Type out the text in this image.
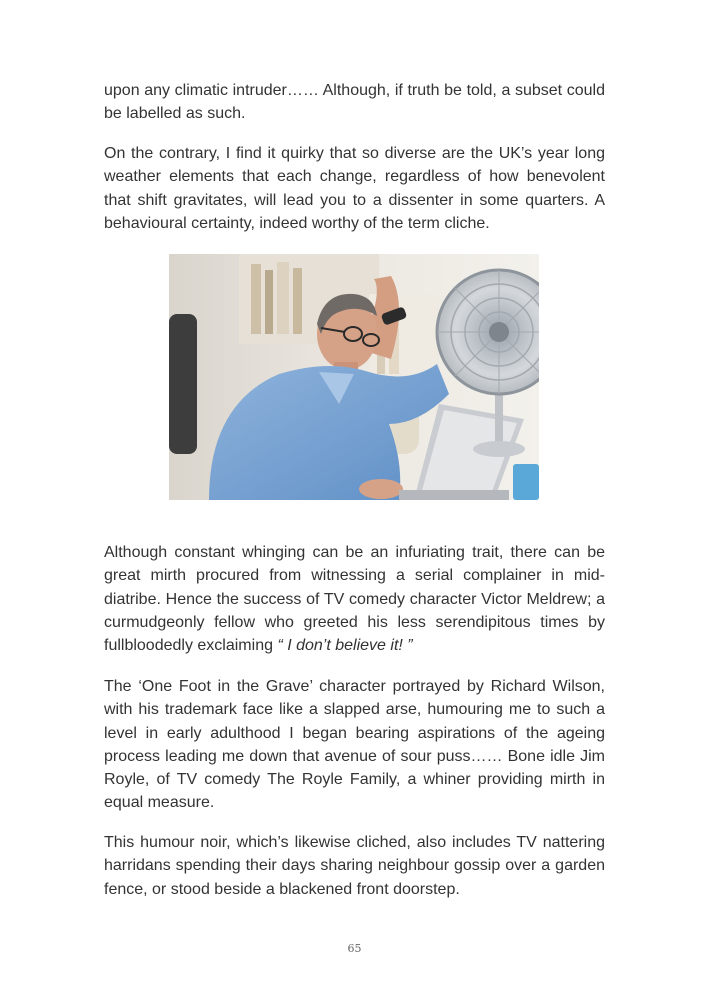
upon any climatic intruder…… Although, if truth be told, a subset could be labelled as such.

On the contrary, I find it quirky that so diverse are the UK’s year long weather elements that each change, regardless of how benevolent that shift gravitates, will lead you to a dissenter in some quarters. A behavioural certainty, indeed worthy of the term cliche.

Although constant whinging can be an infuriating trait, there can be great mirth procured from witnessing a serial complainer in mid-diatribe. Hence the success of TV comedy character Victor Meldrew; a curmudgeonly fellow who greeted his less serendipitous times by fullbloodedly exclaiming “ I don’t believe it! ”

The ‘One Foot in the Grave’ character portrayed by Richard Wilson, with his trademark face like a slapped arse, humouring me to such a level in early adulthood I began bearing aspirations of the ageing process leading me down that avenue of sour puss…… Bone idle Jim Royle, of TV comedy The Royle Family, a whiner providing mirth in equal measure.

This humour noir, which’s likewise cliched, also includes TV nattering harridans spending their days sharing neighbour gossip over a garden fence, or stood beside a blackened front doorstep.

65
